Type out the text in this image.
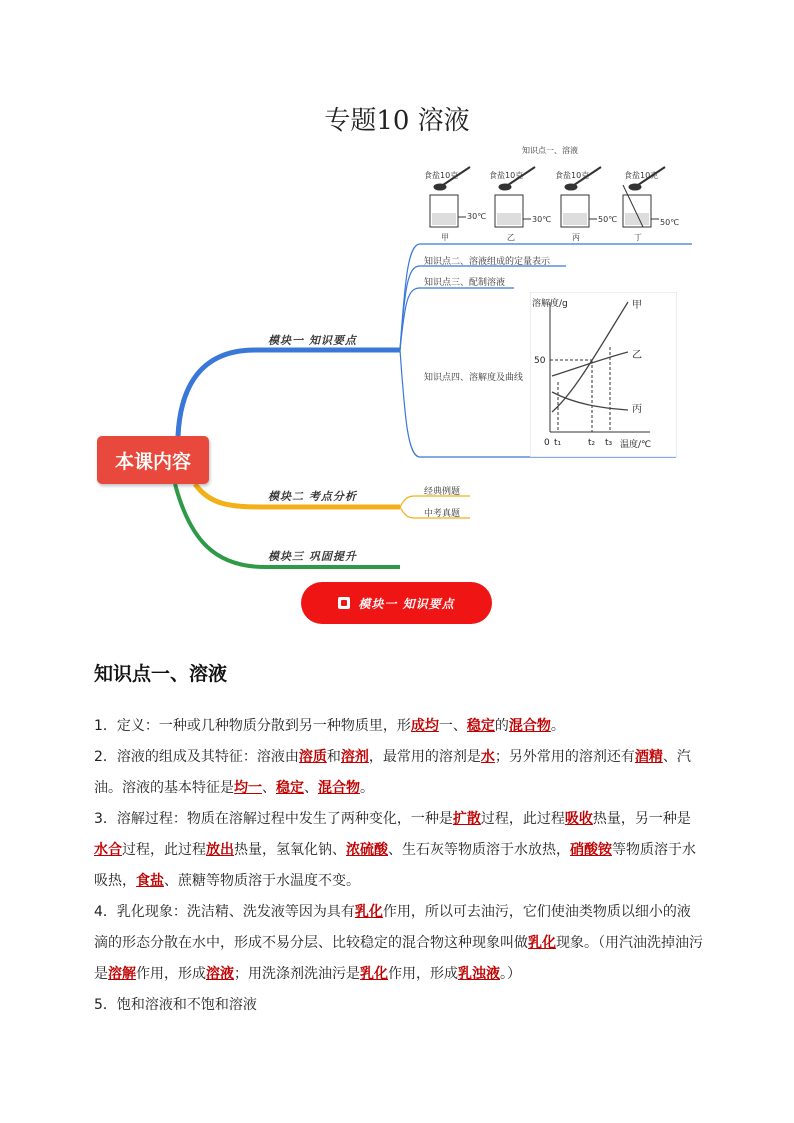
专题10 溶液
知识点一、溶液
食盐10克	食盐10克	食盐10克	食盐10克
30℃	30℃	50℃	50℃
甲	乙	丙	丁
知识点二、溶液组成的定量表示
知识点三、配制溶液
知识点四、溶解度及曲线
本课内容
模块一 知识要点
模块二 考点分析
模块三 巩固提升
经典例题
中考真题
50
0 t₁	t₂ t₃ 温度/℃
溶解度/g	甲
乙
丙
模块一 知识要点
知识点一、溶液

1．定义：一种或几种物质分散到另一种物质里，形成均一、稳定的混合物。

2．溶液的组成及其特征：溶液由溶质和溶剂，最常用的溶剂是水；另外常用的溶剂还有酒精、汽油。溶液的基本特征是均一、稳定、混合物。

3．溶解过程：物质在溶解过程中发生了两种变化，一种是扩散过程，此过程吸收热量，另一种是水合过程，此过程放出热量，氢氧化钠、浓硫酸、生石灰等物质溶于水放热，硝酸铵等物质溶于水吸热，食盐、蔗糖等物质溶于水温度不变。

4．乳化现象：洗洁精、洗发液等因为具有乳化作用，所以可去油污，它们使油类物质以细小的液滴的形态分散在水中，形成不易分层、比较稳定的混合物这种现象叫做乳化现象。（用汽油洗掉油污是溶解作用，形成溶液；用洗涤剂洗油污是乳化作用，形成乳浊液。）

5．饱和溶液和不饱和溶液
